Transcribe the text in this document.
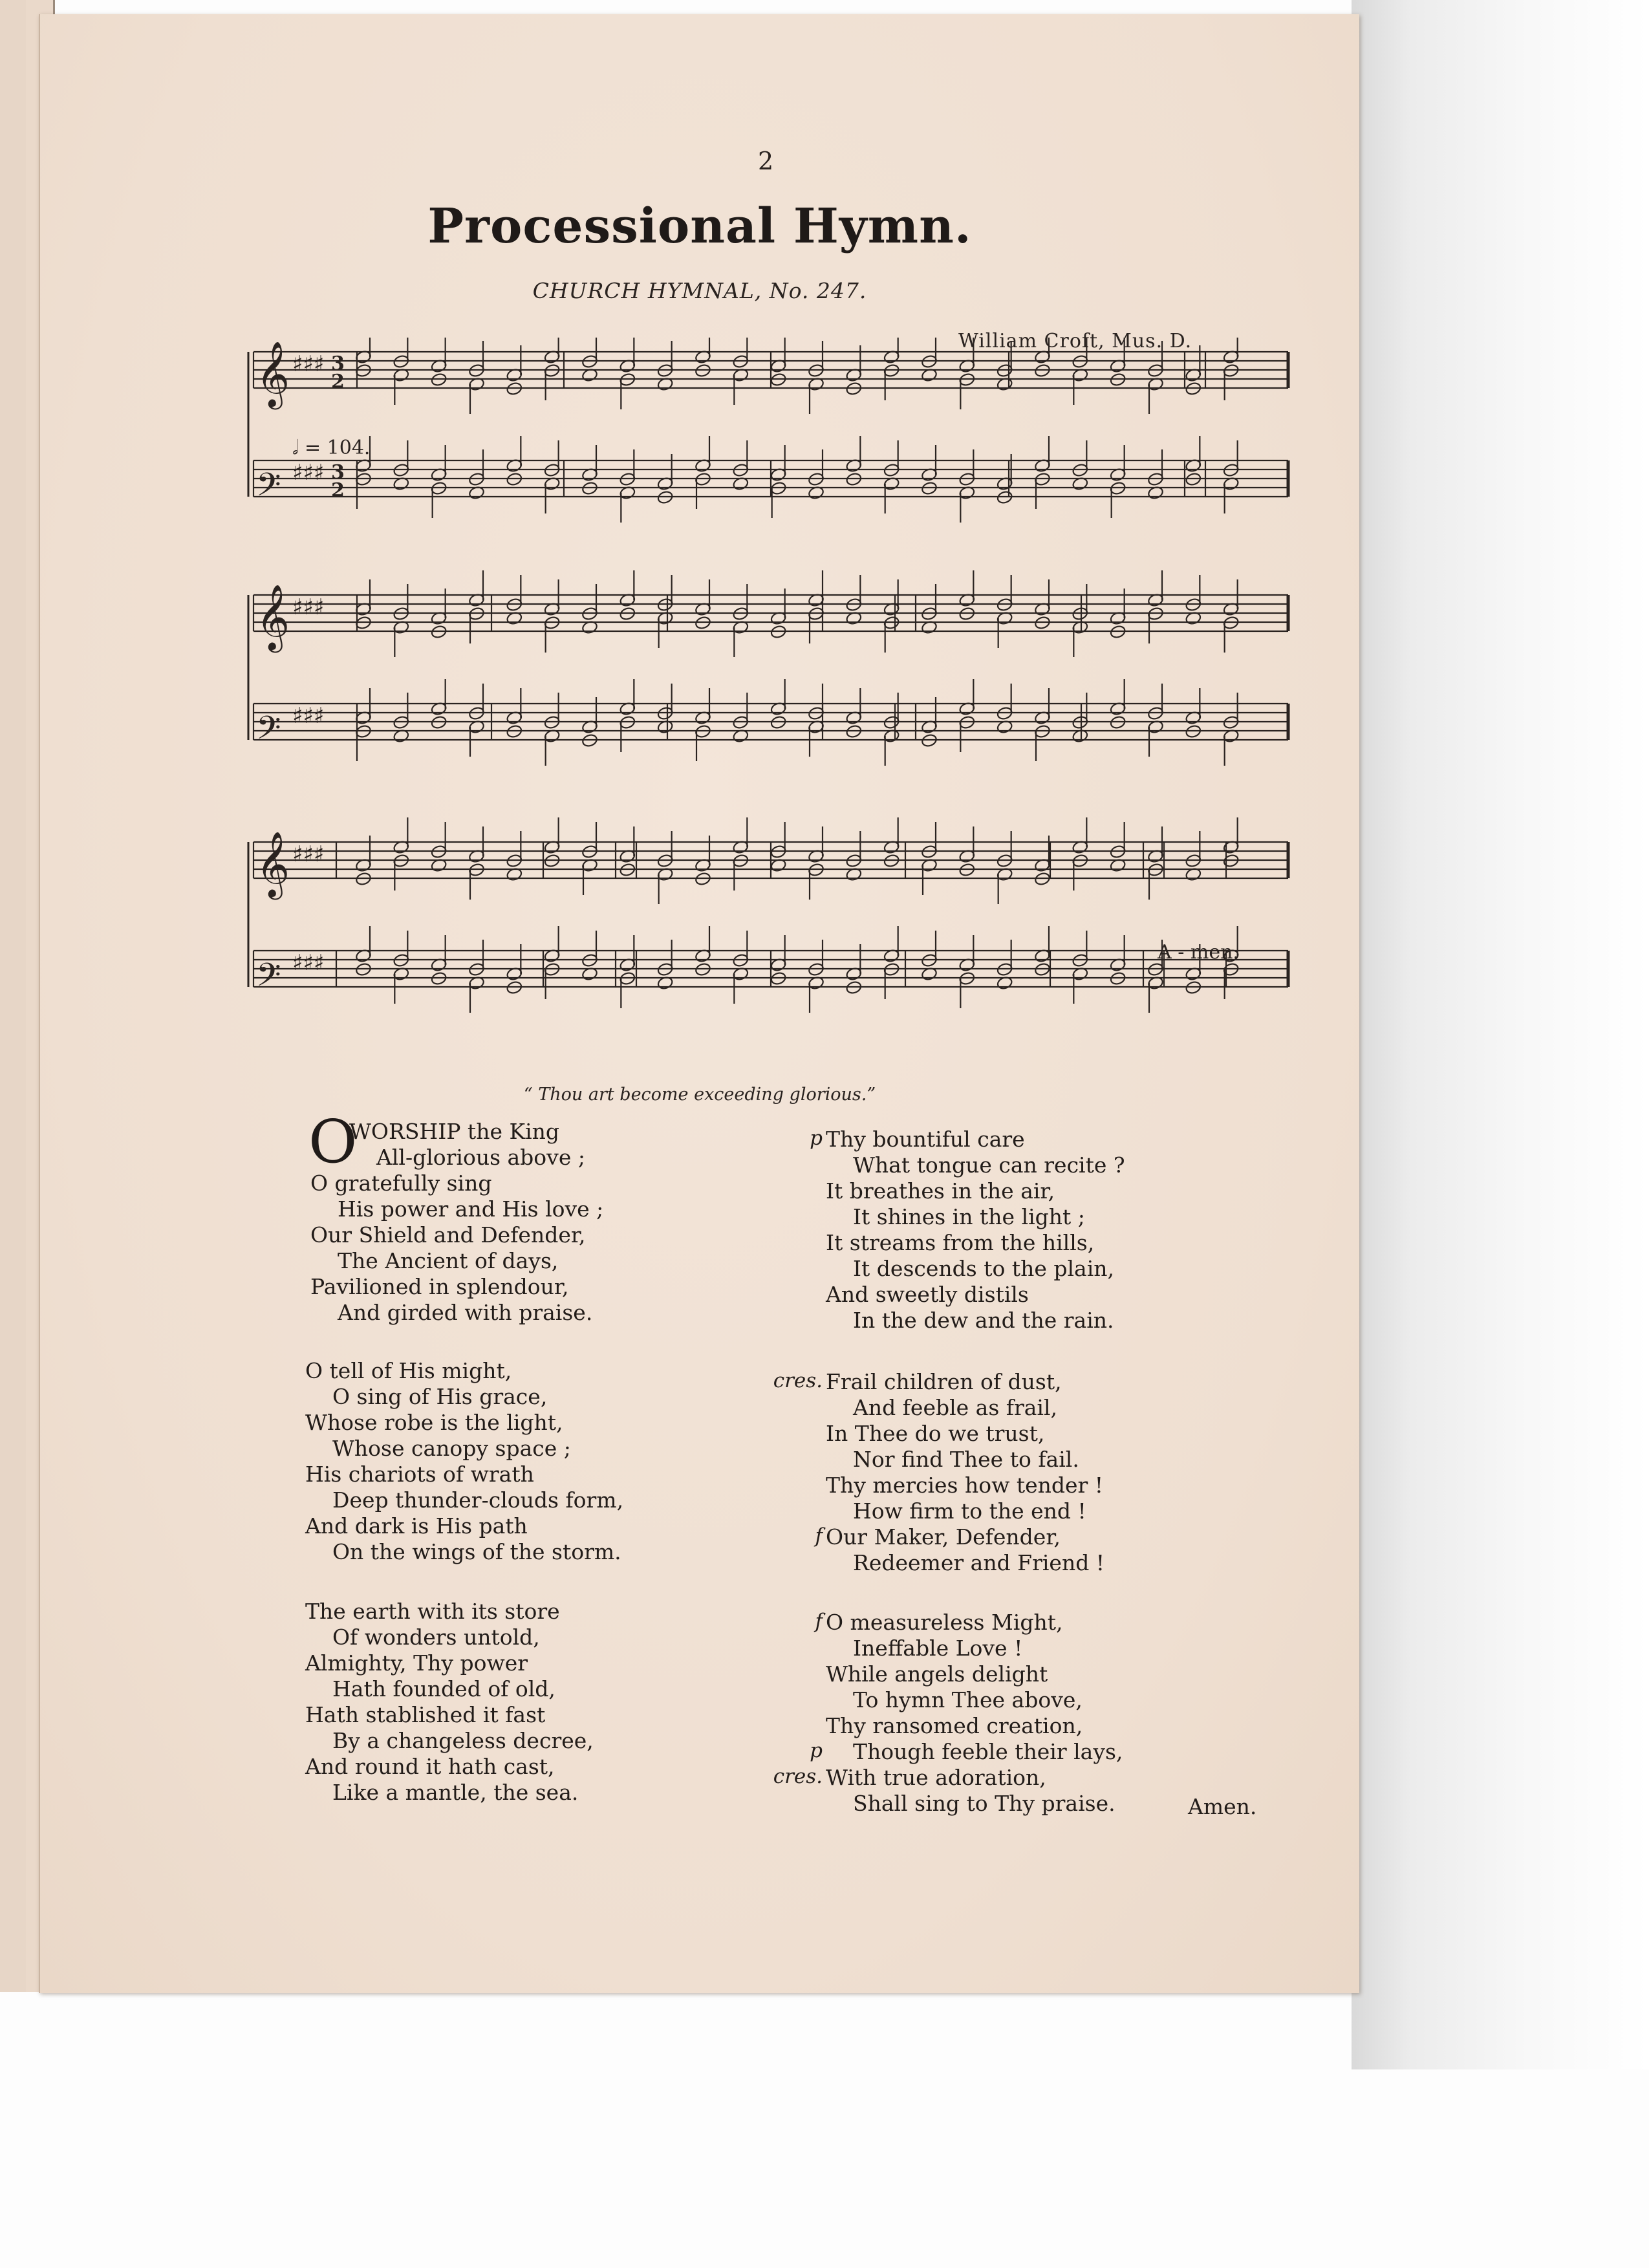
2
Processional Hymn.
CHURCH HYMNAL, No. 247.
William Croft, Mus. D.
𝄞 ♯♯♯ 3
2
𝄢 ♯♯♯ 3
2
𝄞 ♯♯♯
𝄢 ♯♯♯
𝄞 ♯♯♯
𝄢 ♯♯♯
𝅗𝅥 = 104.
A - men.
“ Thou art become exceeding glorious.”
O
WORSHIP the King
All-glorious above ;
O gratefully sing
His power and His love ;
Our Shield and Defender,
The Ancient of days,
Pavilioned in splendour,
And girded with praise.
O tell of His might,
O sing of His grace,
Whose robe is the light,
Whose canopy space ;
His chariots of wrath
Deep thunder-clouds form,
And dark is His path
On the wings of the storm.
The earth with its store
Of wonders untold,
Almighty, Thy power
Hath founded of old,
Hath stablished it fast
By a changeless decree,
And round it hath cast,
Like a mantle, the sea.
p Thy bountiful care
What tongue can recite ?
It breathes in the air,
It shines in the light ;
It streams from the hills,
It descends to the plain,
And sweetly distils
In the dew and the rain.
cres.
f
Frail children of dust,
And feeble as frail,
In Thee do we trust,
Nor find Thee to fail.
Thy mercies how tender !
How firm to the end !
Our Maker, Defender,
Redeemer and Friend !
f
p
cres.
O measureless Might,
Ineffable Love !
While angels delight
To hymn Thee above,
Thy ransomed creation,
Though feeble their lays,
With true adoration,
Shall sing to Thy praise.	Amen.
